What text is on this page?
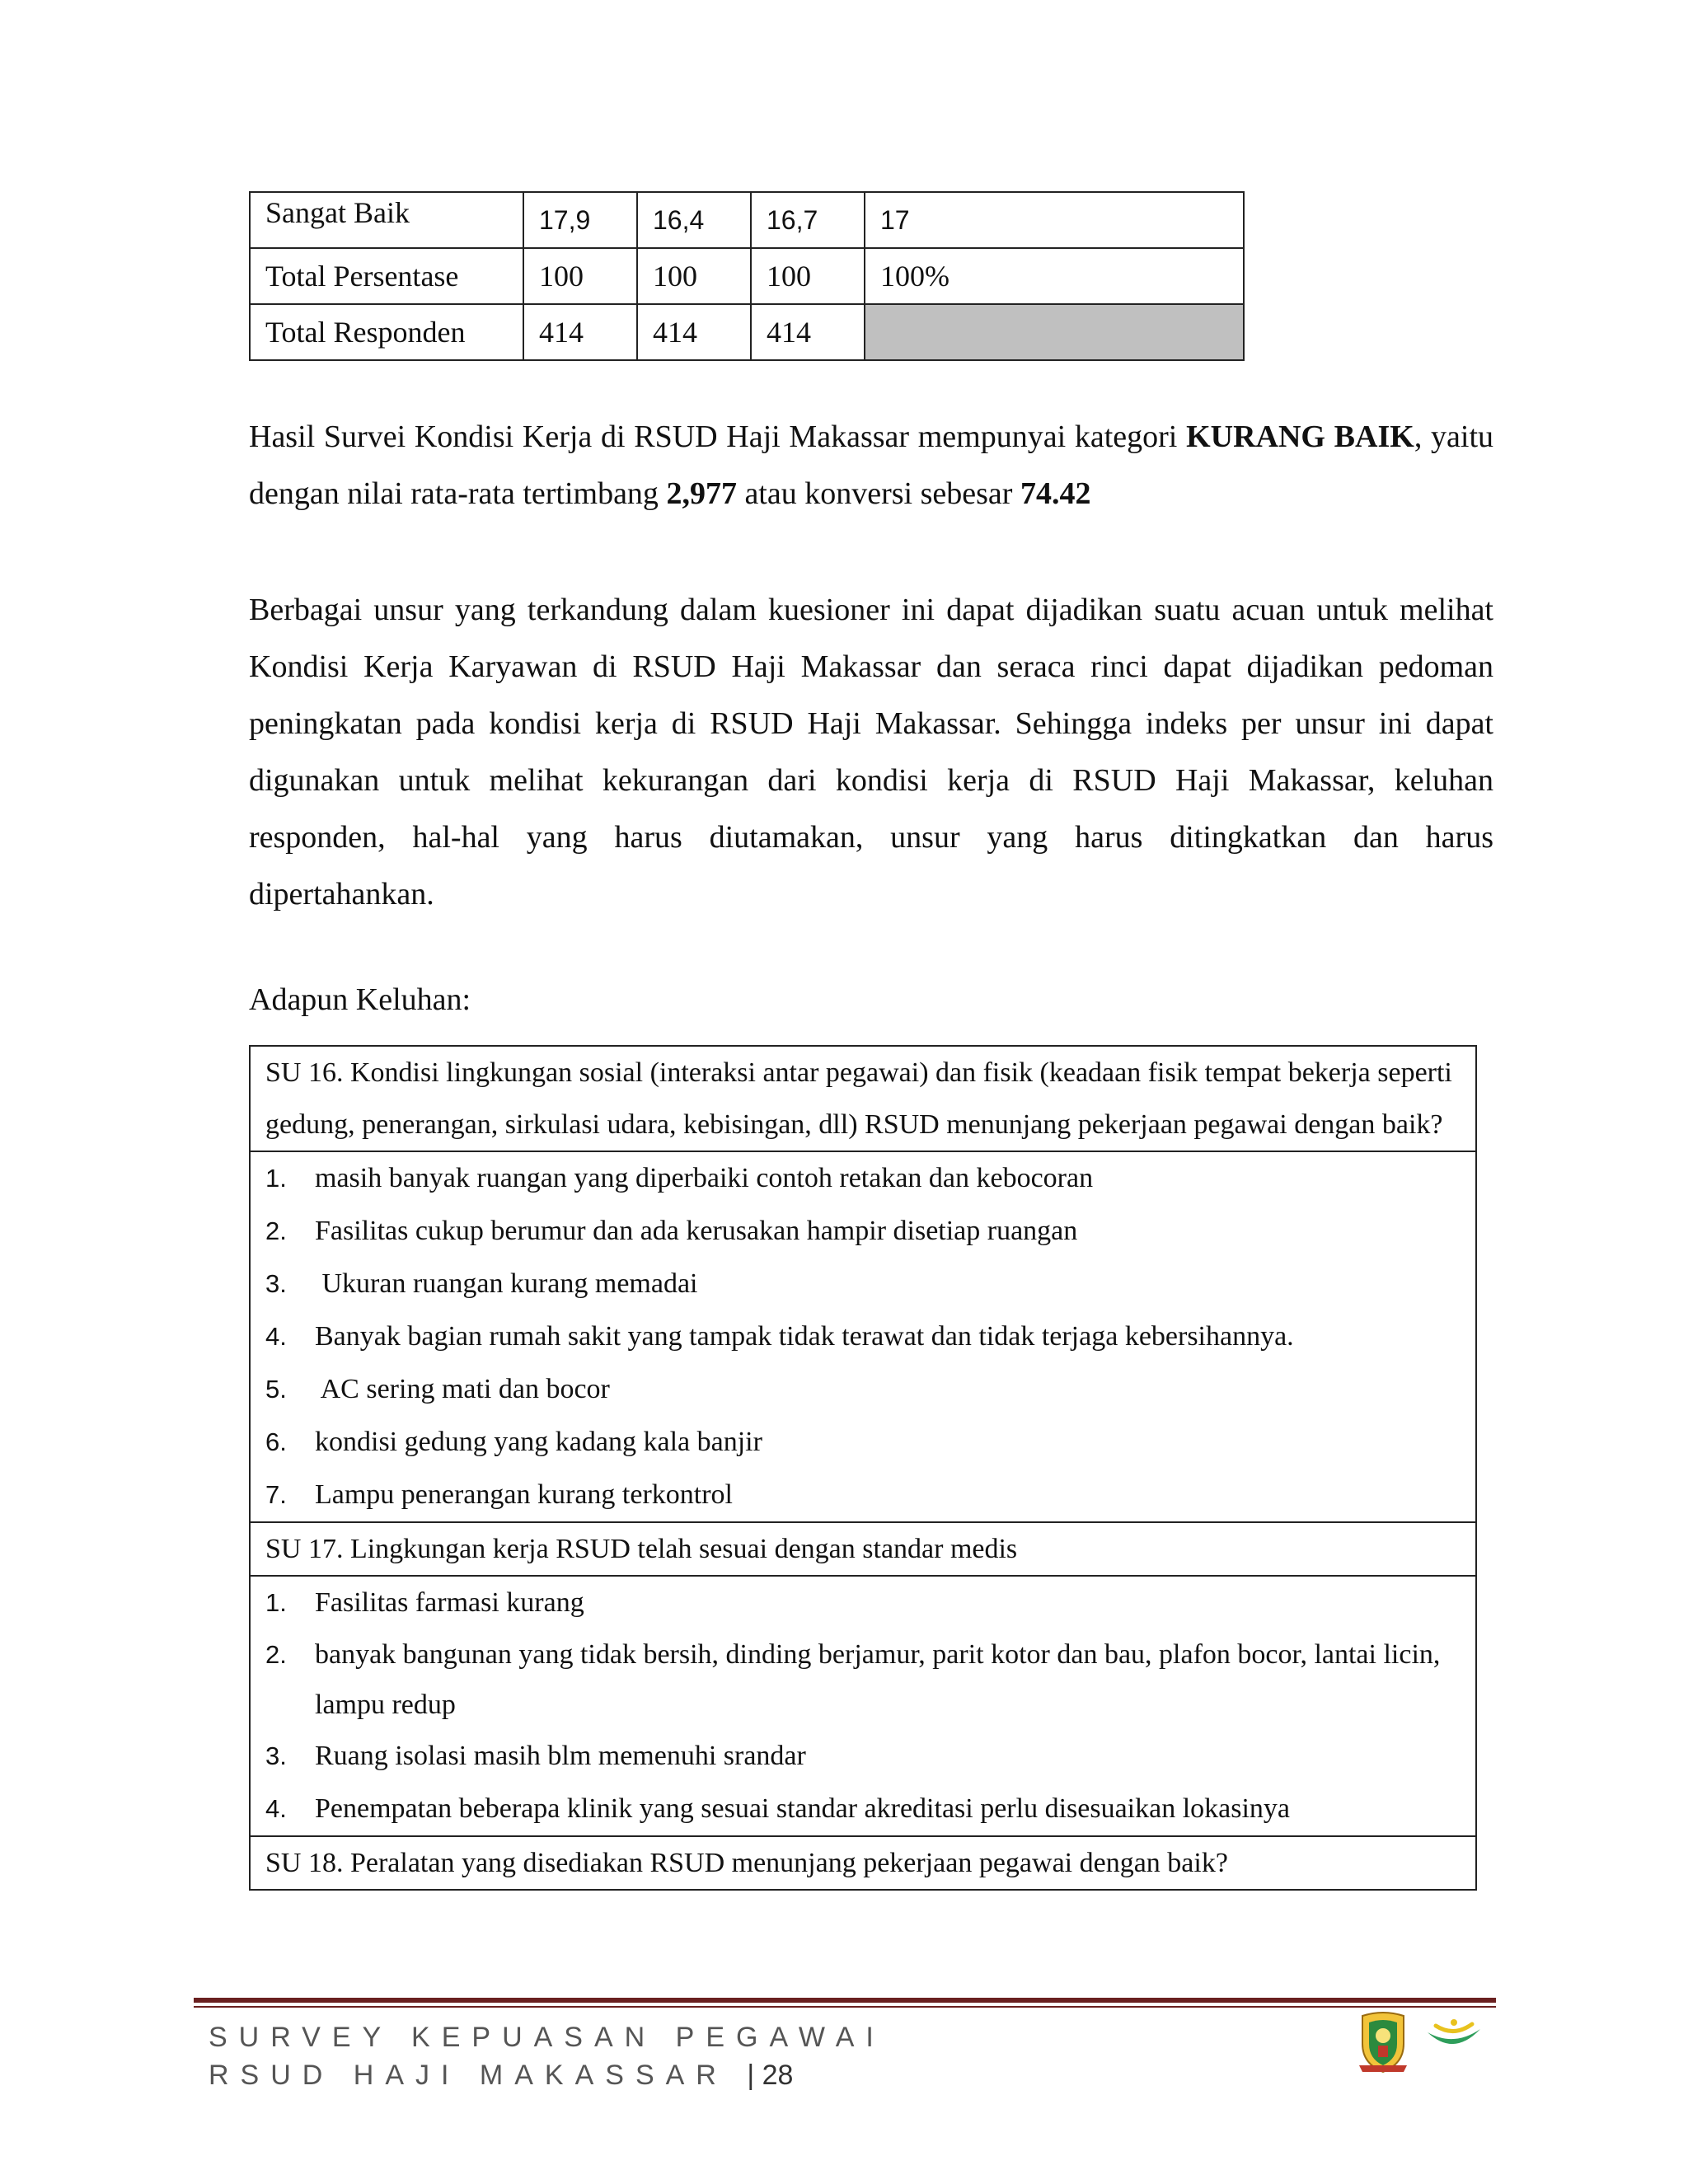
Sangat Baik	17,9	16,4	16,7	17
Total Persentase	100	100	100	100%
Total Responden	414	414	414	

Hasil Survei Kondisi Kerja di RSUD Haji Makassar mempunyai kategori KURANG BAIK, yaitu dengan nilai rata-rata tertimbang 2,977 atau konversi sebesar 74.42

Berbagai unsur yang terkandung dalam kuesioner ini dapat dijadikan suatu acuan untuk melihat Kondisi Kerja Karyawan di RSUD Haji Makassar dan seraca rinci dapat dijadikan pedoman peningkatan pada kondisi kerja di RSUD Haji Makassar. Sehingga indeks per unsur ini dapat digunakan untuk melihat kekurangan dari kondisi kerja di RSUD Haji Makassar, keluhan responden, hal-hal yang harus diutamakan, unsur yang harus ditingkatkan dan harus dipertahankan.

Adapun Keluhan:

SU 16. Kondisi lingkungan sosial (interaksi antar pegawai) dan fisik (keadaan fisik tempat bekerja seperti gedung, penerangan, sirkulasi udara, kebisingan, dll) RSUD menunjang pekerjaan pegawai dengan baik?
1.	masih banyak ruangan yang diperbaiki contoh retakan dan kebocoran
2.	Fasilitas cukup berumur dan ada kerusakan hampir disetiap ruangan
3.	Ukuran ruangan kurang memadai
4.	Banyak bagian rumah sakit yang tampak tidak terawat dan tidak terjaga kebersihannya.
5.	AC sering mati dan bocor
6.	kondisi gedung yang kadang kala banjir
7.	Lampu penerangan kurang terkontrol
SU 17. Lingkungan kerja RSUD telah sesuai dengan standar medis
1.	Fasilitas farmasi kurang
2.	banyak bangunan yang tidak bersih, dinding berjamur, parit kotor dan bau, plafon bocor, lantai licin, lampu redup
3.	Ruang isolasi masih blm memenuhi srandar
4.	Penempatan beberapa klinik yang sesuai standar akreditasi perlu disesuaikan lokasinya
SU 18. Peralatan yang disediakan RSUD menunjang pekerjaan pegawai dengan baik?
SURVEY KEPUASAN PEGAWAI
RSUD HAJI MAKASSAR | 28
